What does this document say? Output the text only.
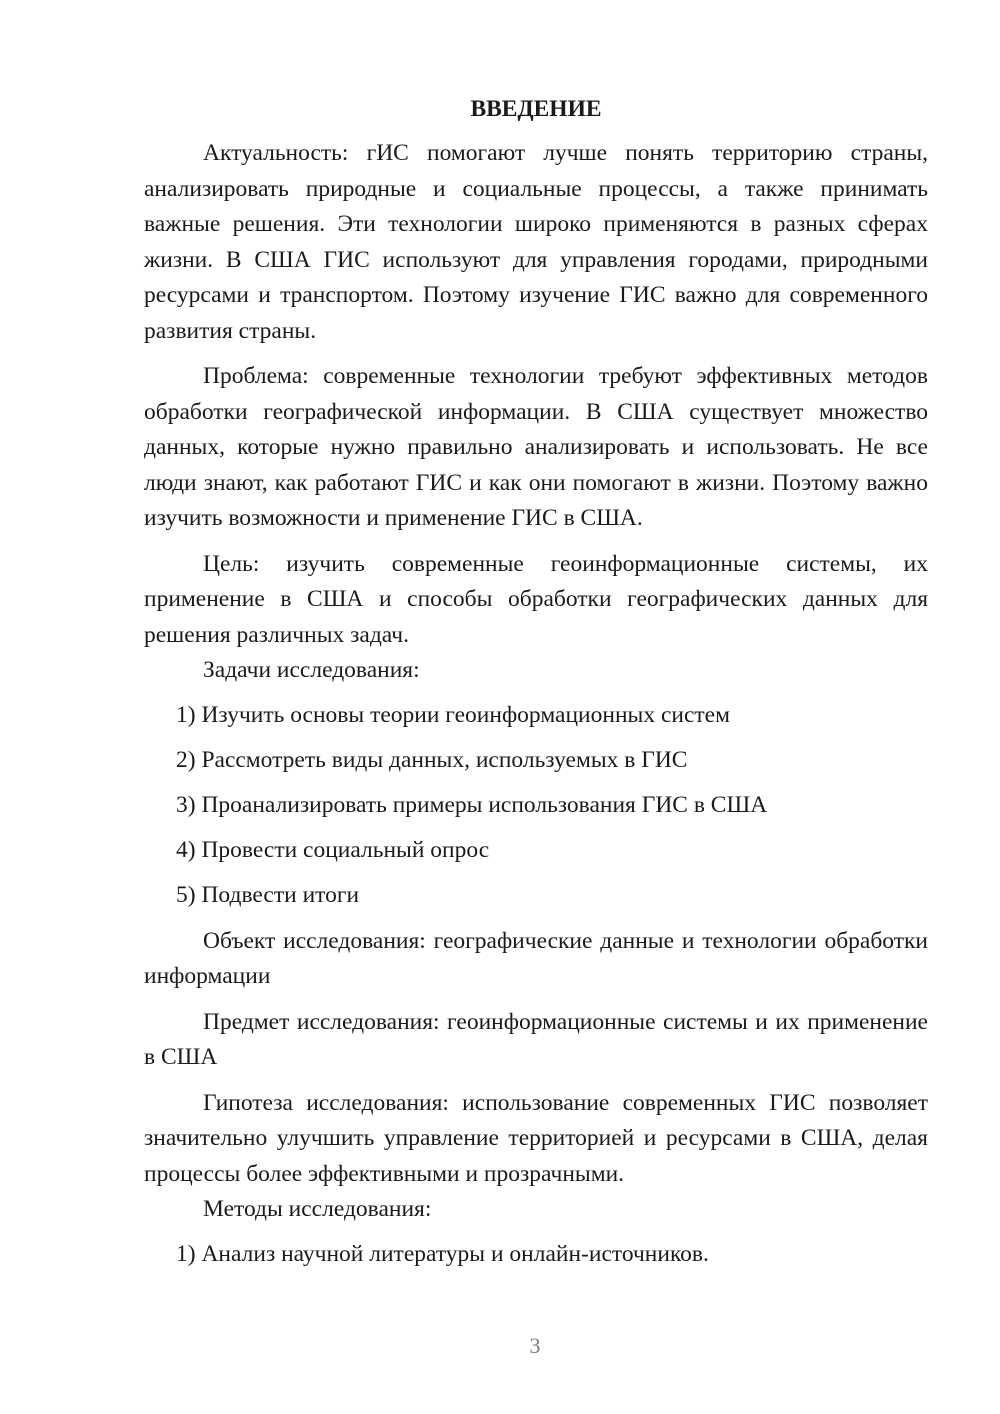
ВВЕДЕНИЕ

Актуальность: гИС помогают лучше понять территорию страны, анализировать природные и социальные процессы, а также принимать важные решения. Эти технологии широко применяются в разных сферах жизни. В США ГИС используют для управления городами, природными ресурсами и транспортом. Поэтому изучение ГИС важно для современного развития страны.

Проблема: современные технологии требуют эффективных методов обработки географической информации. В США существует множество данных, которые нужно правильно анализировать и использовать. Не все люди знают, как работают ГИС и как они помогают в жизни. Поэтому важно изучить возможности и применение ГИС в США.

Цель: изучить современные геоинформационные системы, их применение в США и способы обработки географических данных для решения различных задач.

Задачи исследования:

1) Изучить основы теории геоинформационных систем

2) Рассмотреть виды данных, используемых в ГИС

3) Проанализировать примеры использования ГИС в США

4) Провести социальный опрос

5) Подвести итоги

Объект исследования: географические данные и технологии обработки информации

Предмет исследования: геоинформационные системы и их применение в США

Гипотеза исследования: использование современных ГИС позволяет значительно улучшить управление территорией и ресурсами в США, делая процессы более эффективными и прозрачными.

Методы исследования:

1) Анализ научной литературы и онлайн-источников.

3
